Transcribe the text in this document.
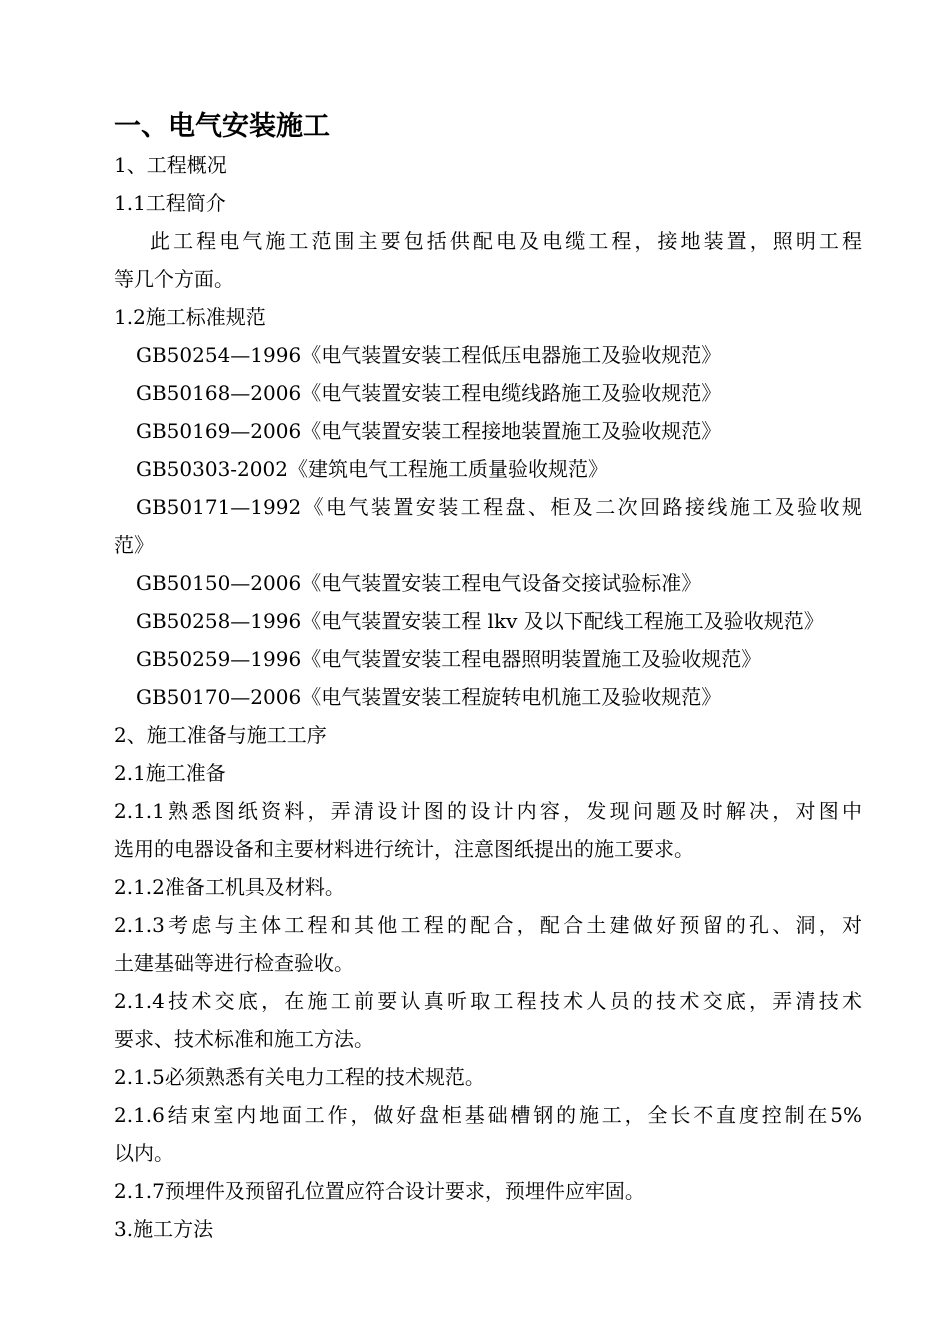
一、电气安装施工
1、工程概况
1.1工程简介
此工程电气施工范围主要包括供配电及电缆工程，接地装置，照明工程
等几个方面。
1.2施工标准规范
GB50254—1996《电气装置安装工程低压电器施工及验收规范》
GB50168—2006《电气装置安装工程电缆线路施工及验收规范》
GB50169—2006《电气装置安装工程接地装置施工及验收规范》
GB50303-2002《建筑电气工程施工质量验收规范》
GB50171—1992《电气装置安装工程盘、柜及二次回路接线施工及验收规
范》
GB50150—2006《电气装置安装工程电气设备交接试验标准》
GB50258—1996《电气装置安装工程 lkv 及以下配线工程施工及验收规范》
GB50259—1996《电气装置安装工程电器照明装置施工及验收规范》
GB50170—2006《电气装置安装工程旋转电机施工及验收规范》
2、施工准备与施工工序
2.1施工准备
2.1.1熟悉图纸资料，弄清设计图的设计内容，发现问题及时解决，对图中
选用的电器设备和主要材料进行统计，注意图纸提出的施工要求。
2.1.2准备工机具及材料。
2.1.3考虑与主体工程和其他工程的配合，配合土建做好预留的孔、洞，对
土建基础等进行检查验收。
2.1.4技术交底，在施工前要认真听取工程技术人员的技术交底，弄清技术
要求、技术标准和施工方法。
2.1.5必须熟悉有关电力工程的技术规范。
2.1.6结束室内地面工作，做好盘柜基础槽钢的施工，全长不直度控制在5%
以内。
2.1.7预埋件及预留孔位置应符合设计要求，预埋件应牢固。
3.施工方法
